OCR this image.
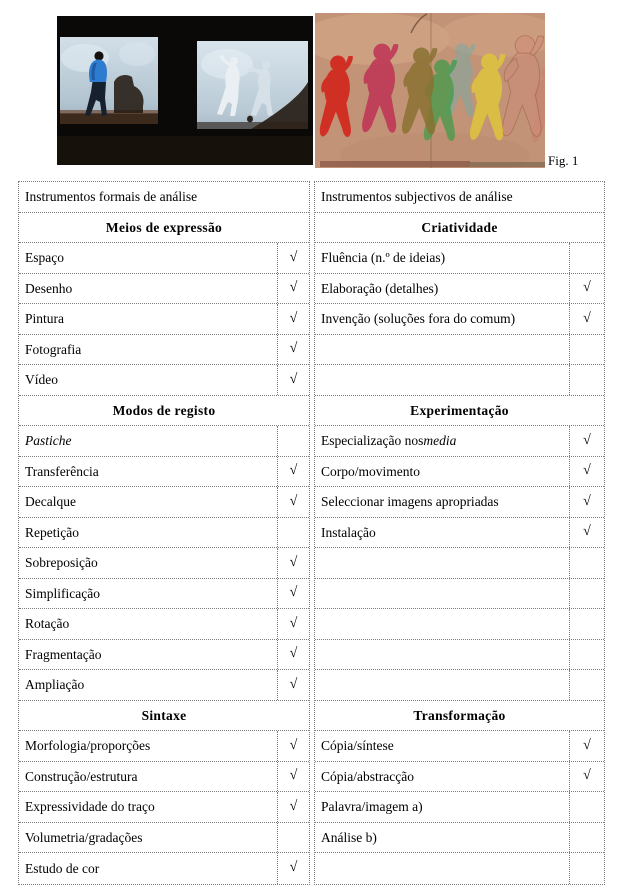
Fig. 1
Instrumentos formais de análise
Meios de expressão
Espaço	√
Desenho	√
Pintura	√
Fotografia	√
Vídeo	√
Modos de registo
Pastiche
Transferência	√
Decalque	√
Repetição
Sobreposição	√
Simplificação	√
Rotação	√
Fragmentação	√
Ampliação	√
Sintaxe
Morfologia/proporções	√
Construção/estrutura	√
Expressividade do traço	√
Volumetria/gradações
Estudo de cor	√
Instrumentos subjectivos de análise
Criatividade
Fluência (n.º de ideias)
Elaboração (detalhes)	√
Invenção (soluções fora do comum)	√
Experimentação
Especialização nos media	√
Corpo/movimento	√
Seleccionar imagens apropriadas	√
Instalação	√
Transformação
Cópia/síntese	√
Cópia/abstracção	√
Palavra/imagem a)
Análise b)
